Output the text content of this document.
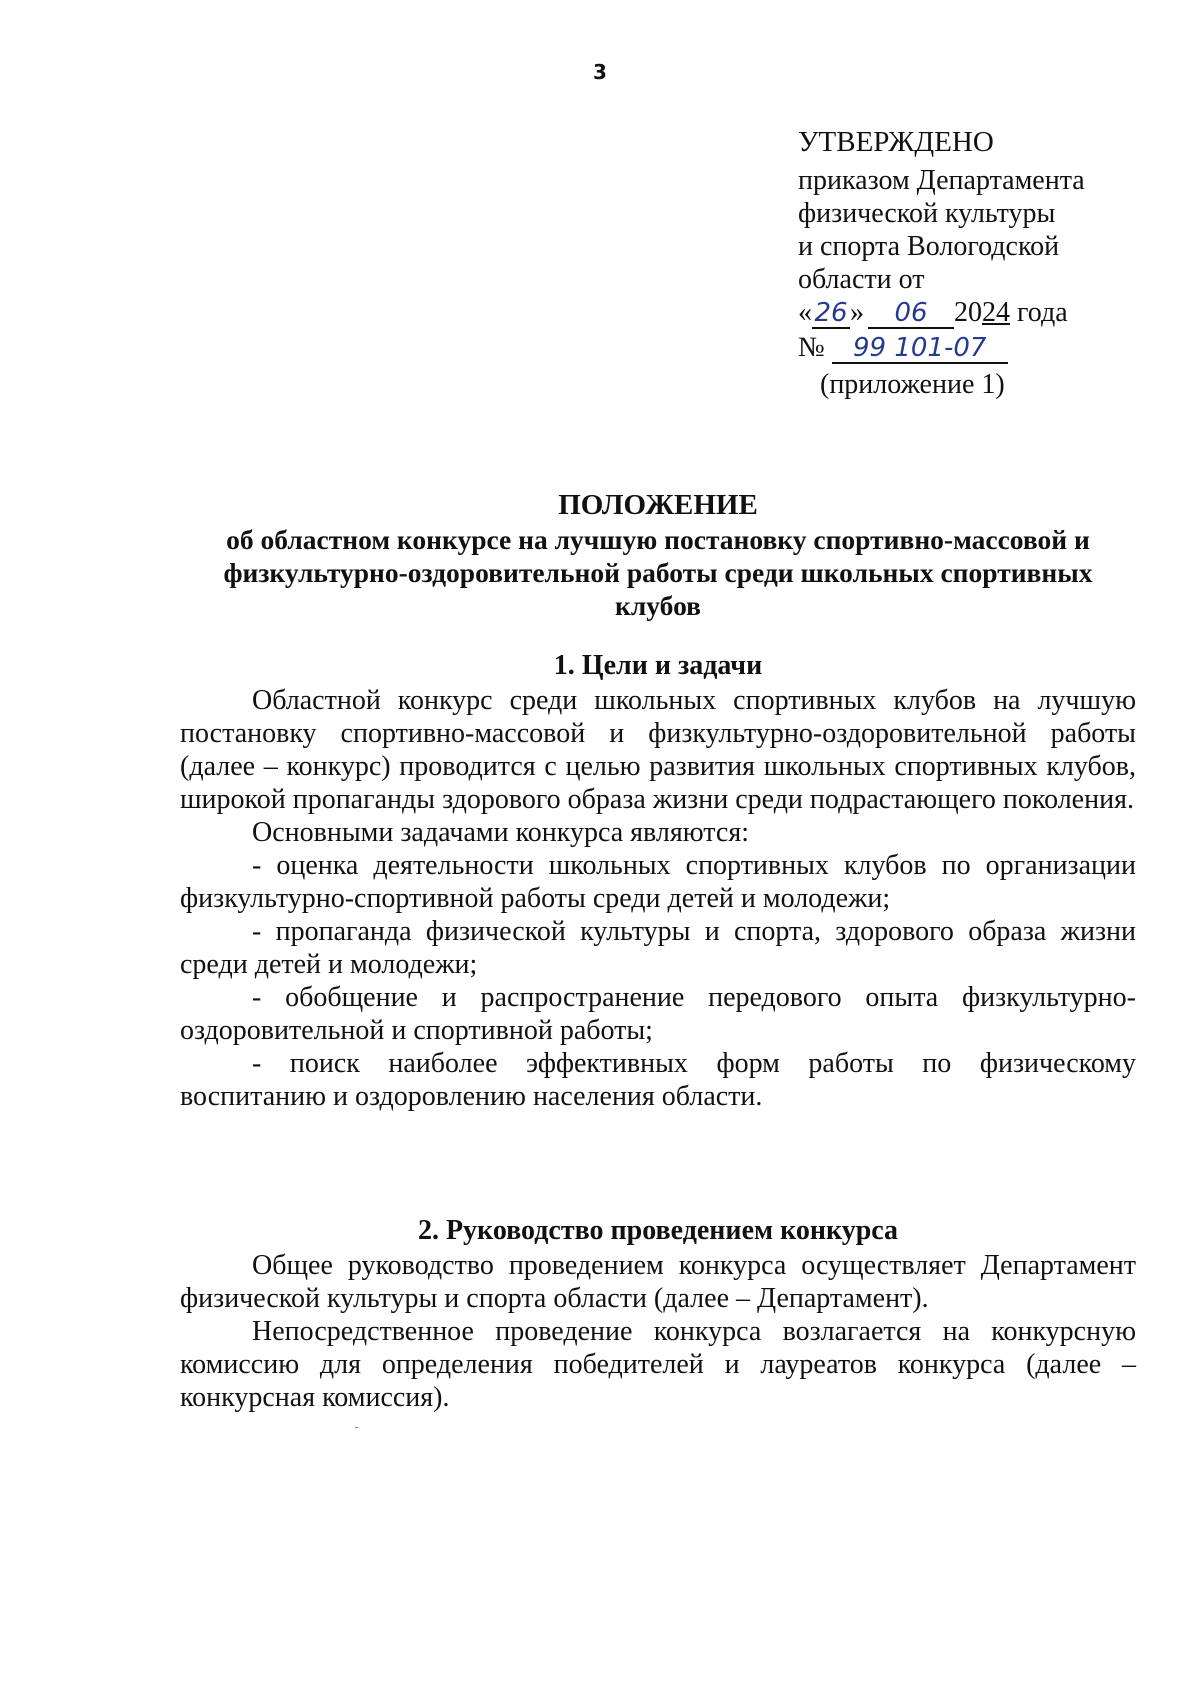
3
УТВЕРЖДЕНО
приказом Департамента
физической культуры
и спорта Вологодской
области от
«26» 06 2024 года
№ 99 101-07
(приложение 1)
ПОЛОЖЕНИЕ
об областном конкурсе на лучшую постановку спортивно-массовой и физкультурно-оздоровительной работы среди школьных спортивных клубов
1. Цели и задачи

Областной конкурс среди школьных спортивных клубов на лучшую постановку спортивно-массовой и физкультурно-оздоровительной работы (далее – конкурс) проводится с целью развития школьных спортивных клубов, широкой пропаганды здорового образа жизни среди подрастающего поколения.

Основными задачами конкурса являются:

- оценка деятельности школьных спортивных клубов по организации физкультурно-спортивной работы среди детей и молодежи;

- пропаганда физической культуры и спорта, здорового образа жизни среди детей и молодежи;

- обобщение и распространение передового опыта физкультурно-оздоровительной и спортивной работы;

- поиск наиболее эффективных форм работы по физическому воспитанию и оздоровлению населения области.

2. Руководство проведением конкурса

Общее руководство проведением конкурса осуществляет Департамент физической культуры и спорта области (далее – Департамент).

Непосредственное проведение конкурса возлагается на конкурсную комиссию для определения победителей и лауреатов конкурса (далее – конкурсная комиссия).
